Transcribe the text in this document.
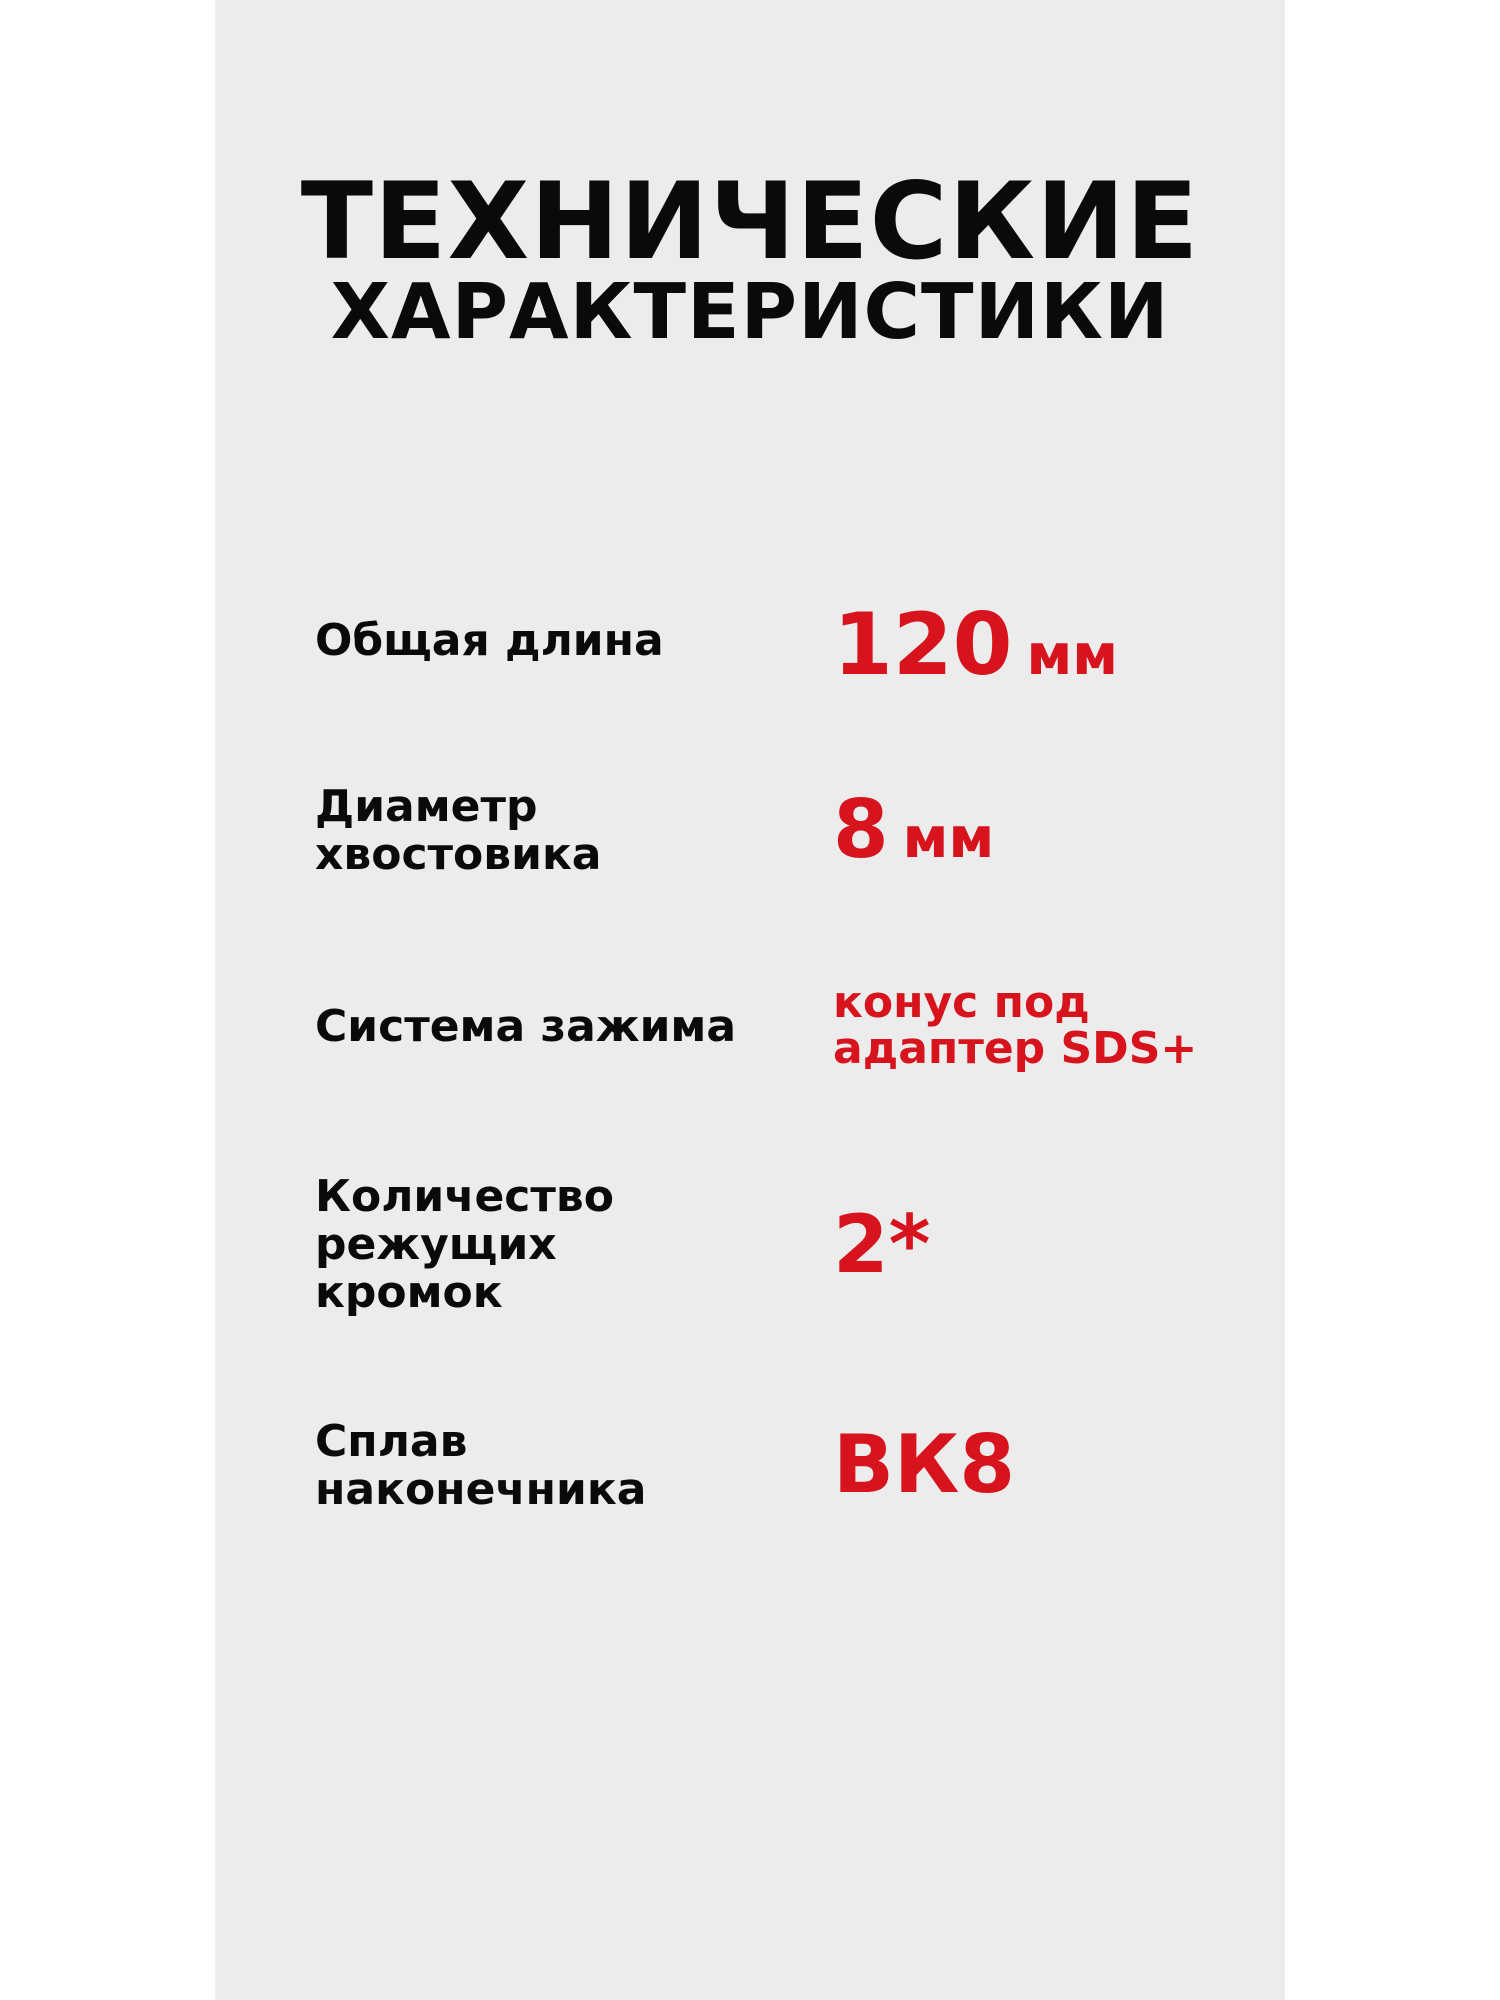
ТЕХНИЧЕСКИЕ
ХАРАКТЕРИСТИКИ
Общая длина 120 мм
Диаметр
хвостовика	8 мм
Система зажима конус под
адаптер SDS+
Количество
режущих
кромок
2*
Сплав
наконечника ВК8
